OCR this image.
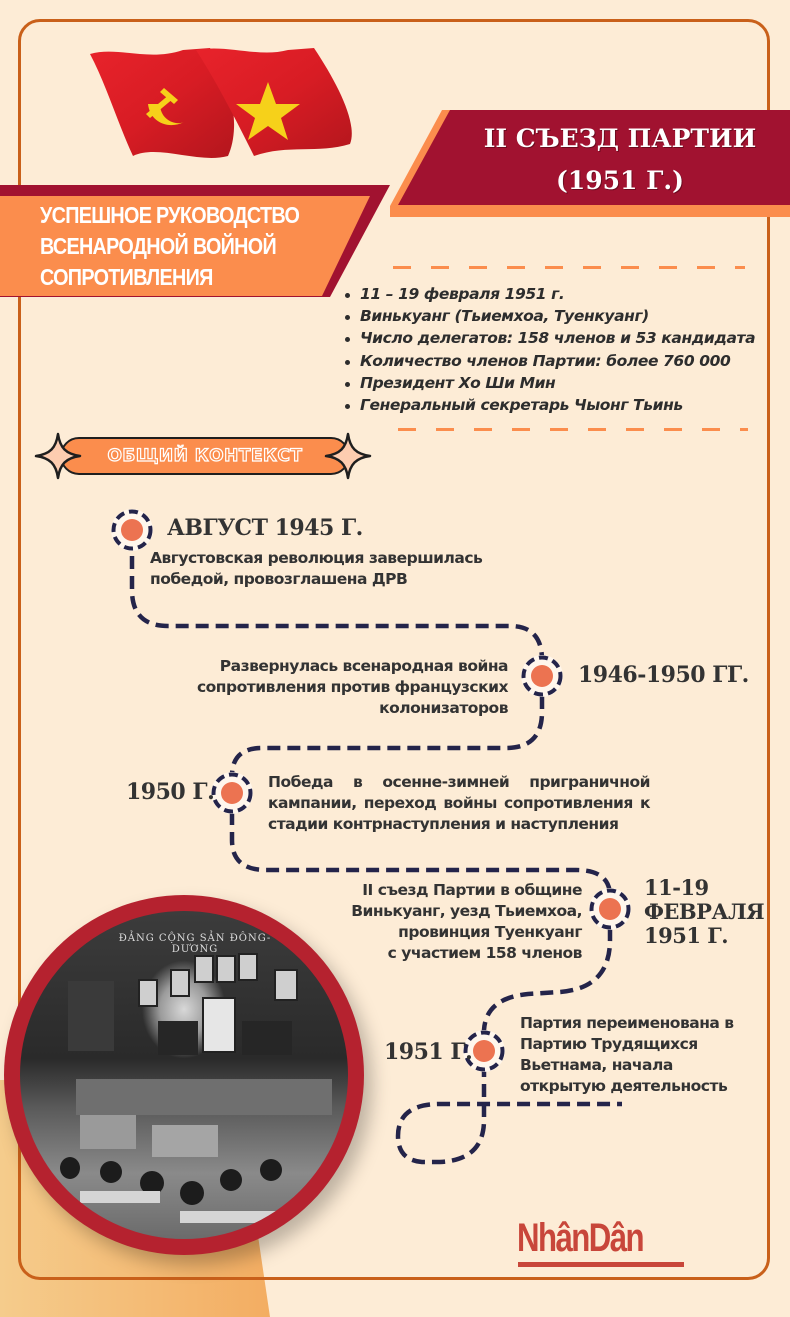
УСПЕШНОЕ РУКОВОДСТВО
ВСЕНАРОДНОЙ ВОЙНОЙ
СОПРОТИВЛЕНИЯ
II СЪЕЗД ПАРТИИ
(1951 Г.)
11 – 19 февраля 1951 г.
Винькуанг (Тьиемхоа, Туенкуанг)
Число делегатов: 158 членов и 53 кандидата
Количество членов Партии: более 760 000
Президент Хо Ши Мин
Генеральный секретарь Чыонг Тьинь
ОБЩИЙ КОНТЕКСТ
АВГУСТ 1945 Г.
Августовская революция завершилась
победой, провозглашена ДРВ
1946-1950 ГГ.
Развернулась всенародная война
сопротивления против французских
колонизаторов
1950 Г.	Победа в осенне-зимней приграничной
кампании, переход войны сопротивления к
стадии контрнаступления и наступления
11-19
ФЕВРАЛЯ
1951 Г.
II съезд Партии в общине
Винькуанг, уезд Тьиемхоа,
провинция Туенкуанг
с участием 158 членов
1951 Г.
Партия переименована в
Партию Трудящихся
Вьетнама, начала
открытую деятельность
ĐẢNG CỘNG SẢN ĐÔNG-DƯƠNG
NhânDân
